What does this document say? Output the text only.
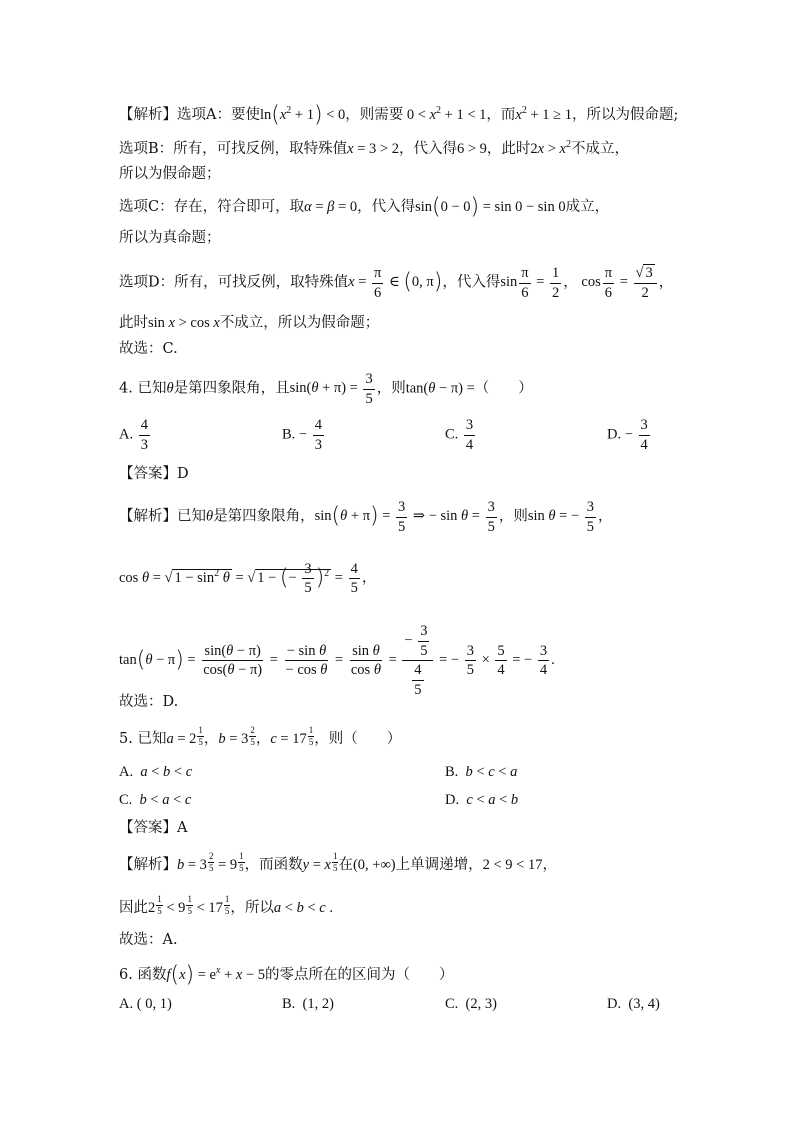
【解析】选项A：要使$\ln(x^2 + 1) < 0$，则需要 $0 < x^2 + 1 < 1$，而$x^2 + 1 \ge 1$，所以为假命题;
选项B：所有，可找反例，取特殊值x = 3 > 2，代入得6 > 9，此时$2x > x^2$不成立，
所以为假命题；
选项C：存在，符合即可，取α = β = 0，代入得sin(0 − 0) = sin 0 − sin 0成立，
所以为真命题；
选项D：所有，可找反例，取特殊值$x = \frac{\pi}{6}$ ∈ (0, π)，代入得$\sin \frac{\pi}{6} = \frac{1}{2}$ ， $\cos \frac{\pi}{6} = \frac{√ 3}{2}$ ，
此时sin x > cos x不成立，所以为假命题；
故选：C.
4. 已知θ是第四象限角，且$\sin(\theta + \pi) = \frac{3}{5}$ ，则tan(θ − π) =（　　）
A. $\frac{4}{3}$	B. − $\frac{4}{3}$	C. $\frac{3}{4}$	D. − $\frac{3}{4}$
【答案】D
【解析】已知θ是第四象限角，$\sin(\theta + \pi) = \frac{3}{5}$ ⇒ − $\sin \theta = \frac{3}{5}$ ，则sin θ = − $\frac{3}{5}$ ，
cos θ = √ $1 - \sin^2 \theta$ = √ 1 − (− $\frac{3}{5} )^2 = \frac{4}{5}$ ，
$\tan(\theta - \pi) = \frac{\sin(\theta - \pi)}{\cos(\theta - \pi)} = \frac{\text{− sin θ}}{\text{− cos θ}} = \frac{\text{sin θ}}{\text{cos θ}} = \frac{- \frac{3}{5}}{\frac{4}{5}}$ = − $\frac{3}{5} \times \frac{5}{4}$ = − $\frac{3}{4}$ .
故选：D.
5. 已知$a = 2 \frac{1}{5}$ ，$b = 3 \frac{2}{5}$ ，$c = 17 \frac{1}{5}$ ，则（　　）
A. a < b < c	B. b < c < a
C. b < a < c	D. c < a < b
【答案】A
【解析】$b = 3 \frac{2}{5} = 9 \frac{1}{5}$ ，而函数y = x $\frac{1}{5}$ 在(0, +∞)上单调递增，2 < 9 < 17，
因此$2 \frac{1}{5} < 9 \frac{1}{5} < 17 \frac{1}{5}$ ，所以a < b < c .
故选：A.
6. 函数$f(x) = e^x + x - 5$的零点所在的区间为（　　）
A. ( 0, 1)	B. (1, 2)	C. (2, 3)	D. (3, 4)
